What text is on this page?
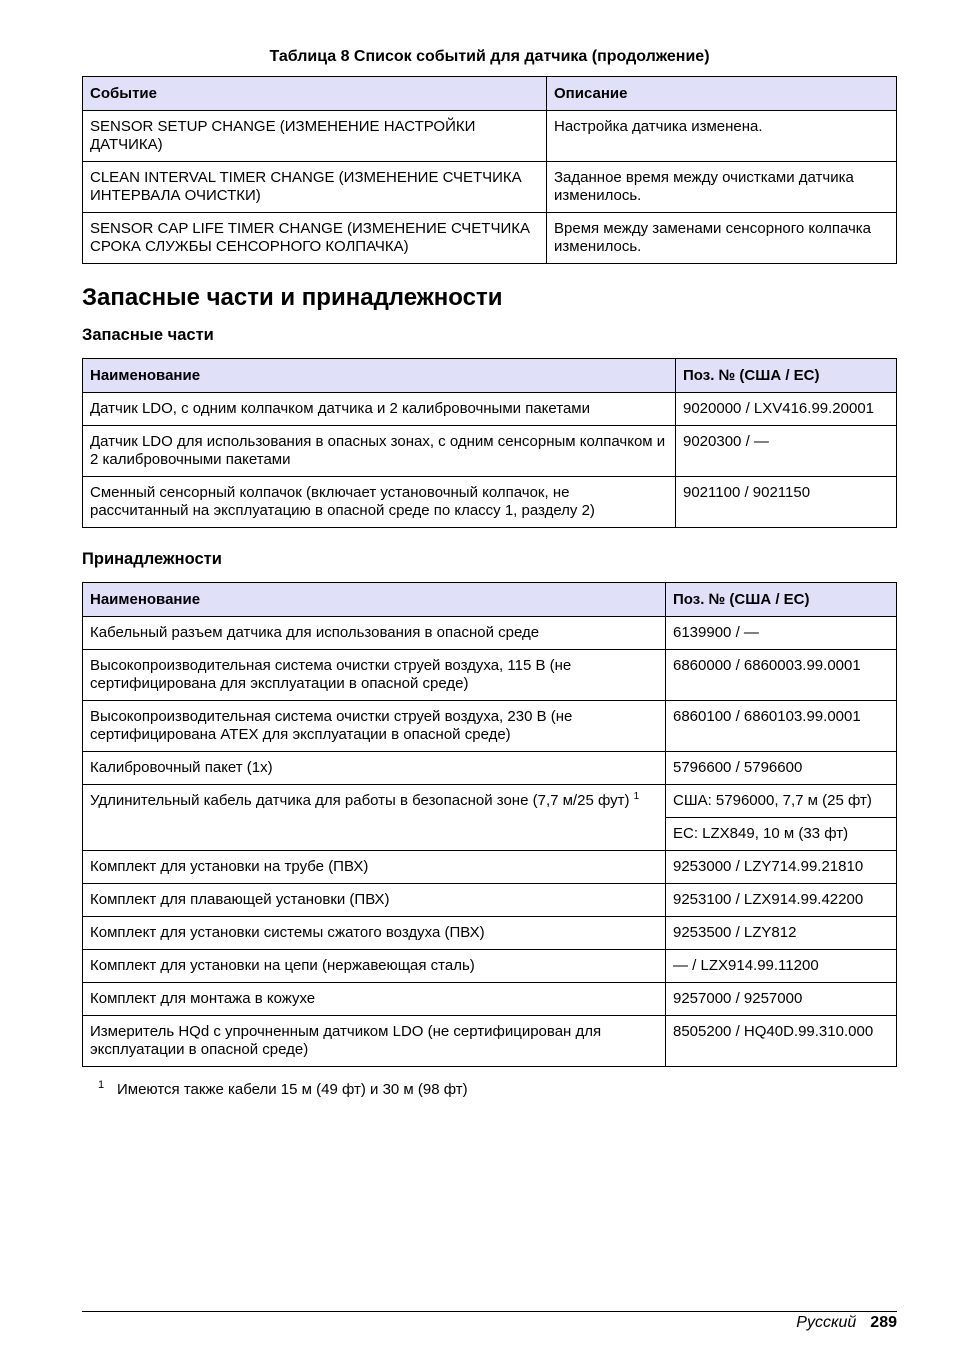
Таблица 8 Список событий для датчика (продолжение)
Событие	Описание
SENSOR SETUP CHANGE (ИЗМЕНЕНИЕ НАСТРОЙКИ ДАТЧИКА)	Настройка датчика изменена.
CLEAN INTERVAL TIMER CHANGE (ИЗМЕНЕНИЕ СЧЕТЧИКА ИНТЕРВАЛА ОЧИСТКИ)	Заданное время между очистками датчика изменилось.
SENSOR CAP LIFE TIMER CHANGE (ИЗМЕНЕНИЕ СЧЕТЧИКА СРОКА СЛУЖБЫ СЕНСОРНОГО КОЛПАЧКА)	Время между заменами сенсорного колпачка изменилось.
Запасные части и принадлежности
Запасные части
Наименование	Поз. № (США / ЕС)
Датчик LDO, с одним колпачком датчика и 2 калибровочными пакетами	9020000 / LXV416.99.20001
Датчик LDO для использования в опасных зонах, с одним сенсорным колпачком и 2 калибровочными пакетами	9020300 / —
Сменный сенсорный колпачок (включает установочный колпачок, не рассчитанный на эксплуатацию в опасной среде по классу 1, разделу 2)	9021100 / 9021150
Принадлежности
Наименование	Поз. № (США / ЕС)
Кабельный разъем датчика для использования в опасной среде	6139900 / —
Высокопроизводительная система очистки струей воздуха, 115 В (не сертифицирована для эксплуатации в опасной среде)	6860000 / 6860003.99.0001
Высокопроизводительная система очистки струей воздуха, 230 В (не сертифицирована ATEX для эксплуатации в опасной среде)	6860100 / 6860103.99.0001
Калибровочный пакет (1x)	5796600 / 5796600
Удлинительный кабель датчика для работы в безопасной зоне (7,7 м/25 фут) $^1$	США: 5796000, 7,7 м (25 фт)
	ЕС: LZX849, 10 м (33 фт)
Комплект для установки на трубе (ПВХ)	9253000 / LZY714.99.21810
Комплект для плавающей установки (ПВХ)	9253100 / LZX914.99.42200
Комплект для установки системы сжатого воздуха (ПВХ)	9253500 / LZY812
Комплект для установки на цепи (нержавеющая сталь)	— / LZX914.99.11200
Комплект для монтажа в кожухе	9257000 / 9257000
Измеритель HQd с упрочненным датчиком LDO (не сертифицирован для эксплуатации в опасной среде)	8505200 / HQ40D.99.310.000
1 Имеются также кабели 15 м (49 фт) и 30 м (98 фт)
Русский 289
